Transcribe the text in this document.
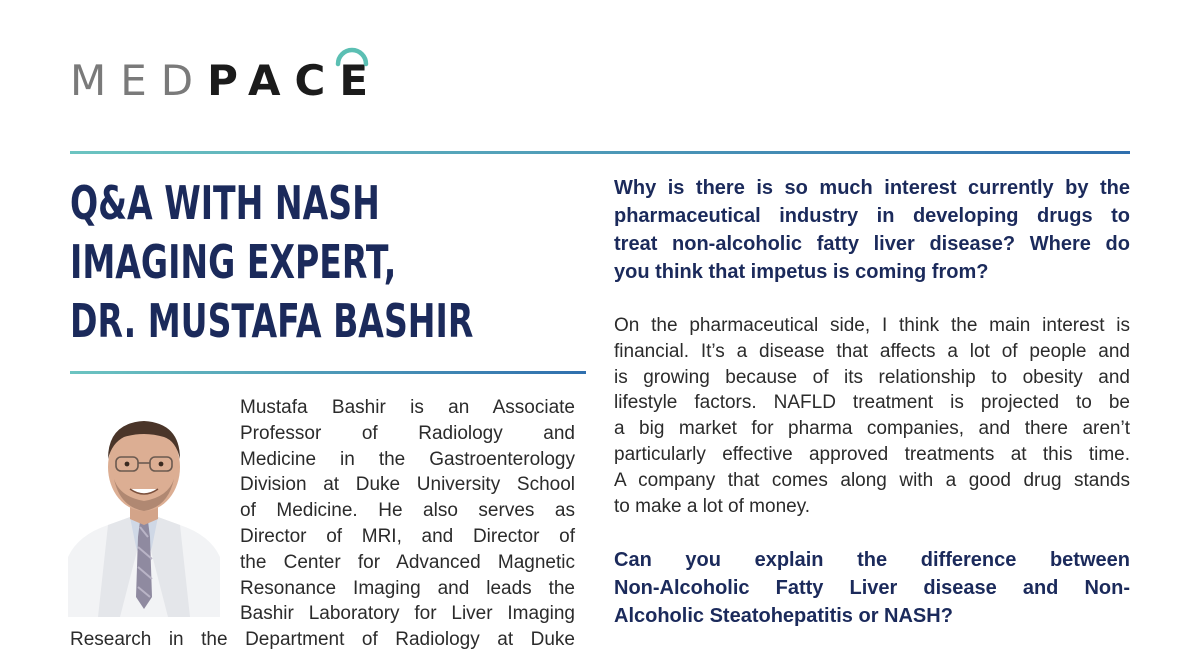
MED PACE
Q&A WITH NASH
IMAGING EXPERT,
DR. MUSTAFA BASHIR

Mustafa Bashir is an Associate
Professor of Radiology and
Medicine in the Gastroenterology
Division at Duke University School
of Medicine. He also serves as
Director of MRI, and Director of
the Center for Advanced Magnetic
Resonance Imaging and leads the
Bashir Laboratory for Liver Imaging

Research in the Department of Radiology at Duke

Why is there is so much interest currently by the
pharmaceutical industry in developing drugs to
treat non-alcoholic fatty liver disease? Where do
you think that impetus is coming from?

On the pharmaceutical side, I think the main interest is
financial. It’s a disease that affects a lot of people and
is growing because of its relationship to obesity and
lifestyle factors. NAFLD treatment is projected to be
a big market for pharma companies, and there aren’t
particularly effective approved treatments at this time.
A company that comes along with a good drug stands
to make a lot of money.

Can you explain the difference between
Non-Alcoholic Fatty Liver disease and Non-
Alcoholic Steatohepatitis or NASH?
